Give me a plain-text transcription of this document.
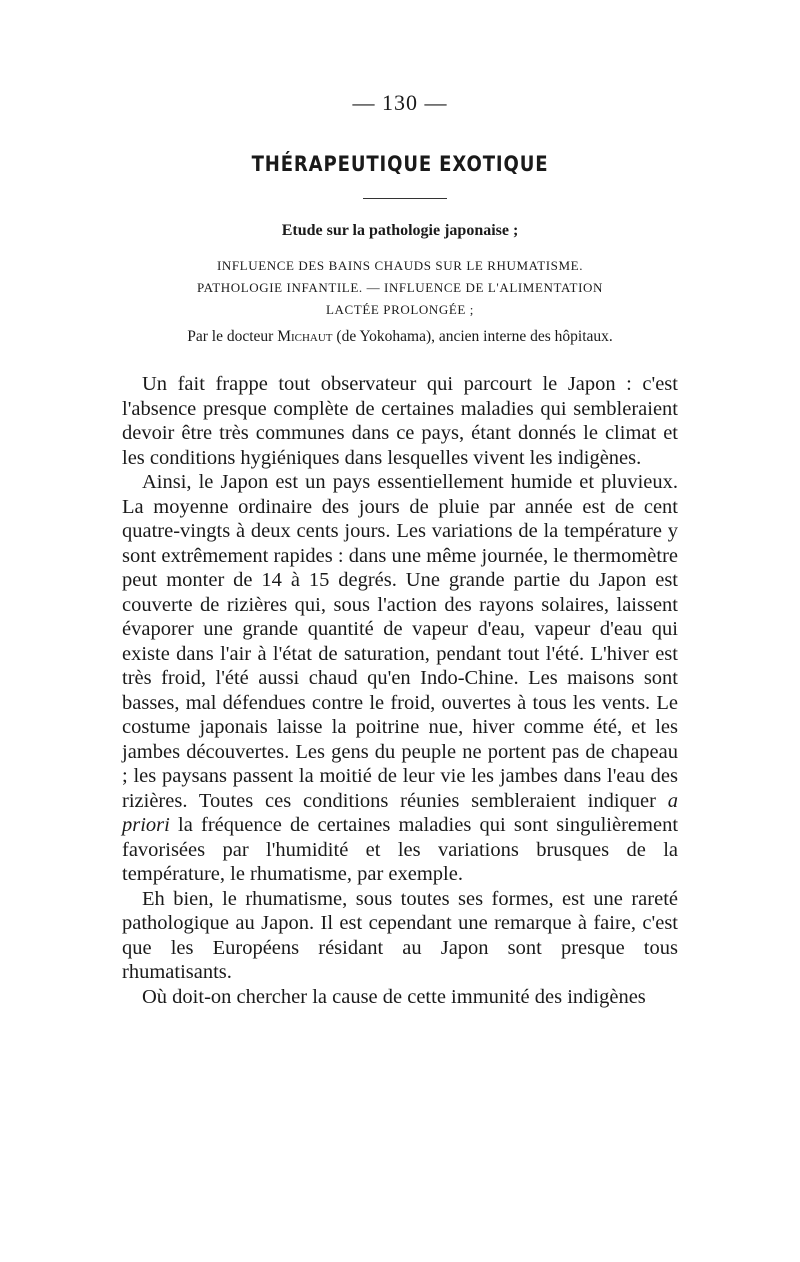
— 130 —
THÉRAPEUTIQUE EXOTIQUE
Etude sur la pathologie japonaise ;
INFLUENCE DES BAINS CHAUDS SUR LE RHUMATISME.
PATHOLOGIE INFANTILE. — INFLUENCE DE L'ALIMENTATION
LACTÉE PROLONGÉE ;
Par le docteur Michaut (de Yokohama), ancien interne des hôpitaux.

Un fait frappe tout observateur qui parcourt le Japon : c'est l'absence presque complète de certaines maladies qui sembleraient devoir être très communes dans ce pays, étant donnés le climat et les conditions hygiéniques dans lesquelles vivent les indigènes.

Ainsi, le Japon est un pays essentiellement humide et pluvieux. La moyenne ordinaire des jours de pluie par année est de cent quatre-vingts à deux cents jours. Les variations de la température y sont extrêmement rapides : dans une même journée, le thermomètre peut monter de 14 à 15 degrés. Une grande partie du Japon est couverte de rizières qui, sous l'action des rayons solaires, laissent évaporer une grande quantité de vapeur d'eau, vapeur d'eau qui existe dans l'air à l'état de saturation, pendant tout l'été. L'hiver est très froid, l'été aussi chaud qu'en Indo-Chine. Les maisons sont basses, mal défendues contre le froid, ouvertes à tous les vents. Le costume japonais laisse la poitrine nue, hiver comme été, et les jambes découvertes. Les gens du peuple ne portent pas de chapeau ; les paysans passent la moitié de leur vie les jambes dans l'eau des rizières. Toutes ces conditions réunies sembleraient indiquer a priori la fréquence de certaines maladies qui sont singulièrement favorisées par l'humidité et les variations brusques de la température, le rhumatisme, par exemple.

Eh bien, le rhumatisme, sous toutes ses formes, est une rareté pathologique au Japon. Il est cependant une remarque à faire, c'est que les Européens résidant au Japon sont presque tous rhumatisants.

Où doit-on chercher la cause de cette immunité des indigènes
